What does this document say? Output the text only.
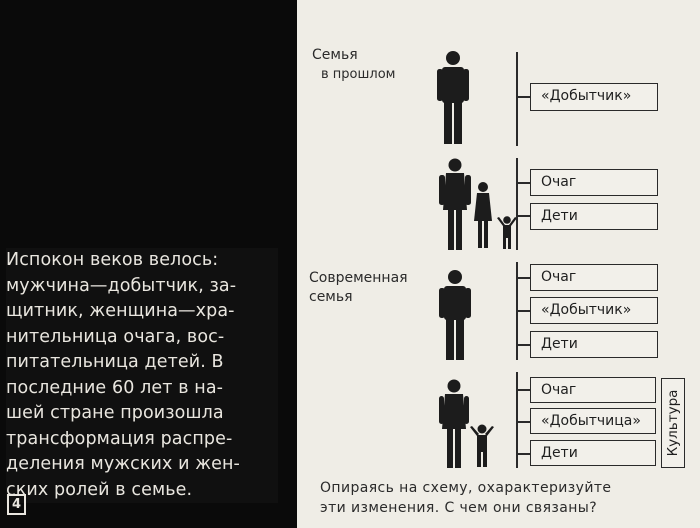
Испокон веков велось:
мужчина—добытчик, за-
щитник, женщина—хра-
нительница очага, вос-
питательница детей. В
последние 60 лет в на-
шей стране произошла
трансформация распре-
деления мужских и жен-
ских ролей в семье.
4
Семья
в прошлом
Современная
семья
«Добытчик»
Очаг
Дети
Очаг
«Добытчик»
Дети
Очаг
«Добытчица»
Дети	Культура
Опираясь на схему, охарактеризуйте
эти изменения. С чем они связаны?
